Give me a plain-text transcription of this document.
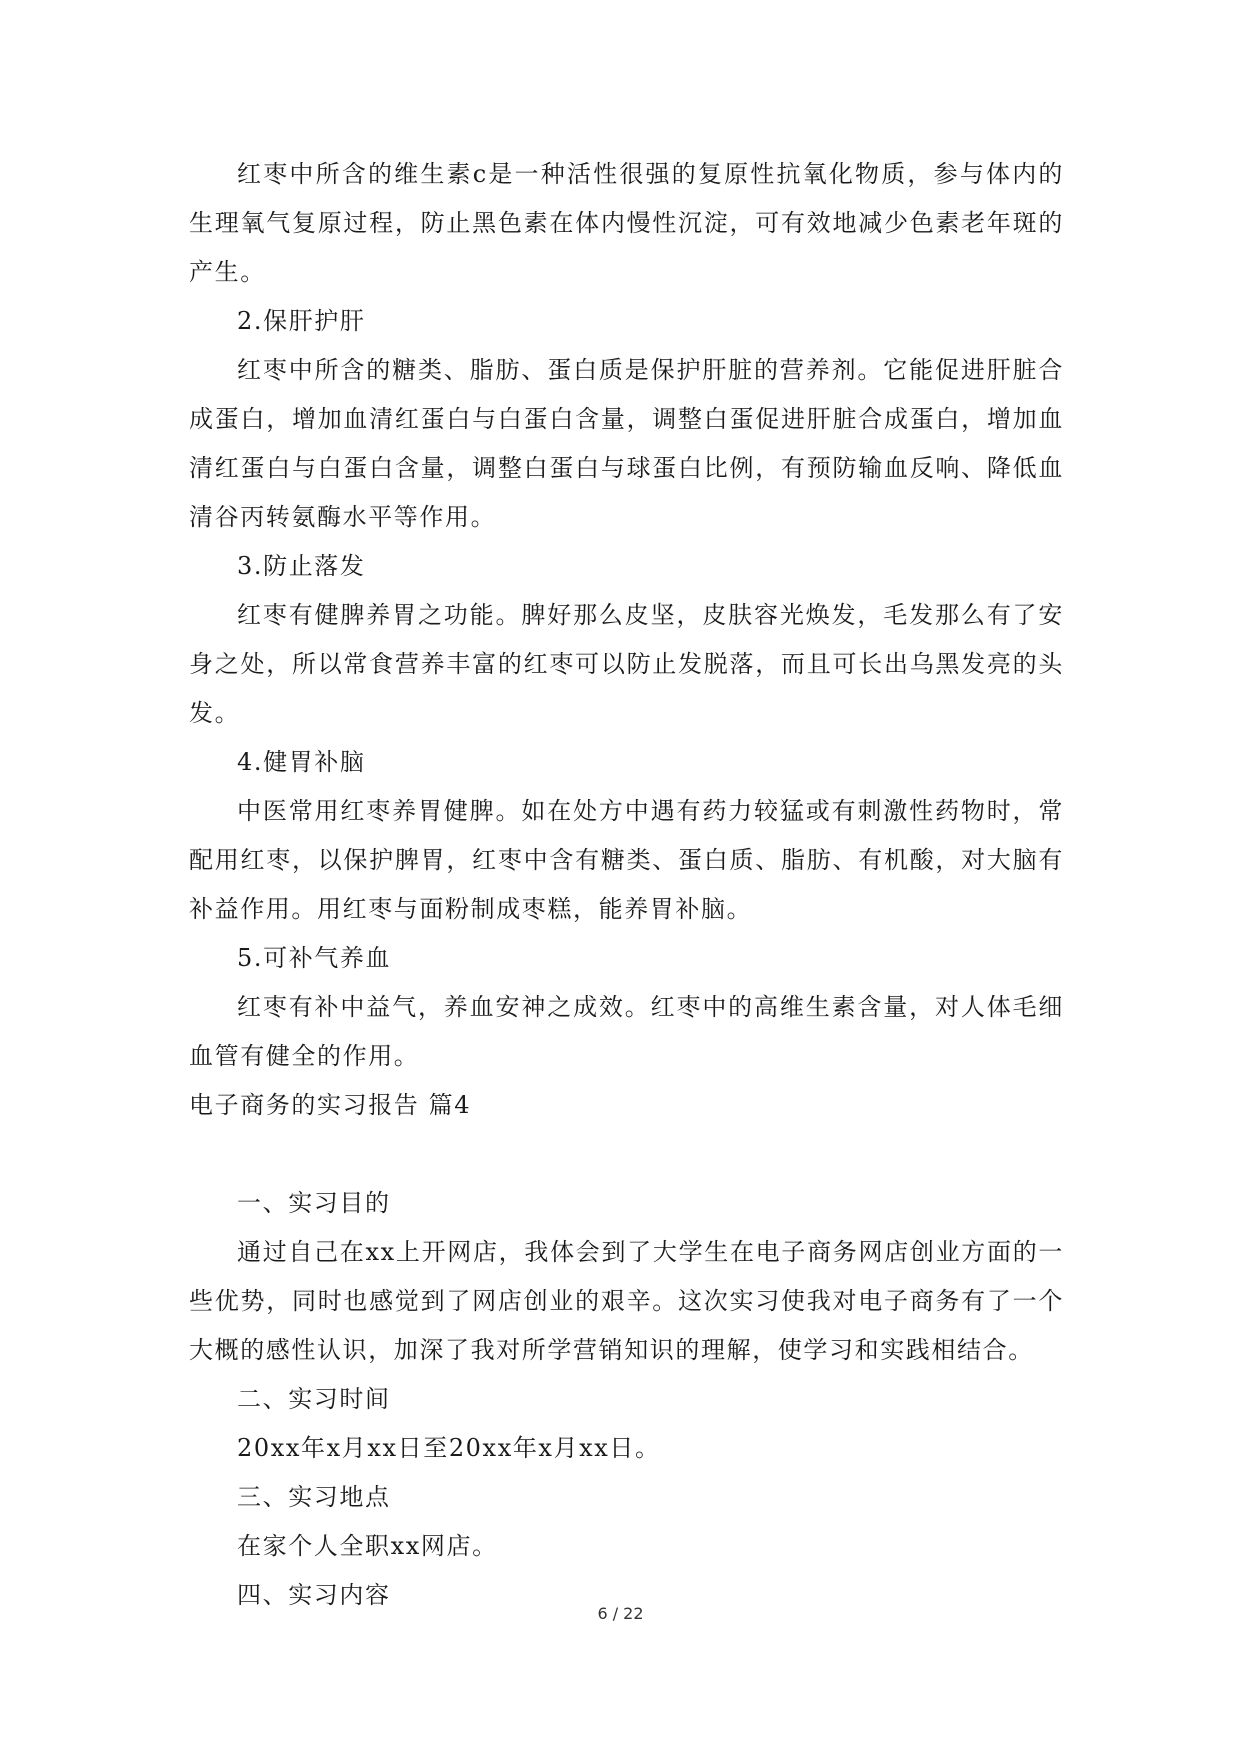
红枣中所含的维生素c是一种活性很强的复原性抗氧化物质，参与体内的生理氧气复原过程，防止黑色素在体内慢性沉淀，可有效地减少色素老年斑的产生。

2.保肝护肝

红枣中所含的糖类、脂肪、蛋白质是保护肝脏的营养剂。它能促进肝脏合成蛋白，增加血清红蛋白与白蛋白含量，调整白蛋促进肝脏合成蛋白，增加血清红蛋白与白蛋白含量，调整白蛋白与球蛋白比例，有预防输血反响、降低血清谷丙转氨酶水平等作用。

3.防止落发

红枣有健脾养胃之功能。脾好那么皮坚，皮肤容光焕发，毛发那么有了安身之处，所以常食营养丰富的红枣可以防止发脱落，而且可长出乌黑发亮的头发。

4.健胃补脑

中医常用红枣养胃健脾。如在处方中遇有药力较猛或有刺激性药物时，常配用红枣，以保护脾胃，红枣中含有糖类、蛋白质、脂肪、有机酸，对大脑有补益作用。用红枣与面粉制成枣糕，能养胃补脑。

5.可补气养血

红枣有补中益气，养血安神之成效。红枣中的高维生素含量，对人体毛细血管有健全的作用。

电子商务的实习报告 篇4

一、实习目的

通过自己在xx上开网店，我体会到了大学生在电子商务网店创业方面的一些优势，同时也感觉到了网店创业的艰辛。这次实习使我对电子商务有了一个大概的感性认识，加深了我对所学营销知识的理解，使学习和实践相结合。

二、实习时间

20xx年x月xx日至20xx年x月xx日。

三、实习地点

在家个人全职xx网店。

四、实习内容

6 / 22
